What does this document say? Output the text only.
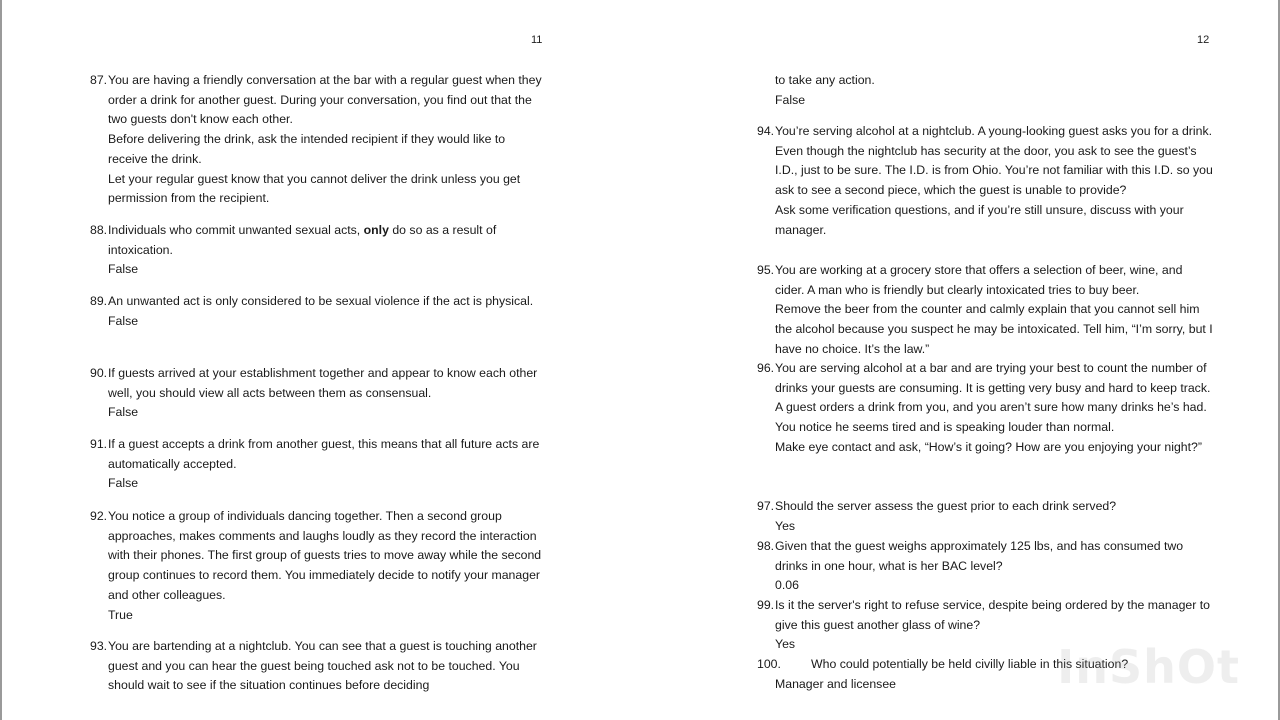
11

87.You are having a friendly conversation at the bar with a regular guest when they order a drink for another guest. During your conversation, you find out that the two guests don't know each other.

Before delivering the drink, ask the intended recipient if they would like to receive the drink.

Let your regular guest know that you cannot deliver the drink unless you get permission from the recipient.

88.Individuals who commit unwanted sexual acts, only do so as a result of intoxication.

False

89.An unwanted act is only considered to be sexual violence if the act is physical.

False

90.If guests arrived at your establishment together and appear to know each other well, you should view all acts between them as consensual.

False

91.If a guest accepts a drink from another guest, this means that all future acts are automatically accepted.

False

92.You notice a group of individuals dancing together. Then a second group approaches, makes comments and laughs loudly as they record the interaction with their phones. The first group of guests tries to move away while the second group continues to record them. You immediately decide to notify your manager and other colleagues.

True

93.You are bartending at a nightclub. You can see that a guest is touching another guest and you can hear the guest being touched ask not to be touched. You should wait to see if the situation continues before deciding

12

to take any action.

False

94.You’re serving alcohol at a nightclub. A young-looking guest asks you for a drink. Even though the nightclub has security at the door, you ask to see the guest’s I.D., just to be sure. The I.D. is from Ohio. You’re not familiar with this I.D. so you ask to see a second piece, which the guest is unable to provide?

Ask some verification questions, and if you’re still unsure, discuss with your manager.

95.You are working at a grocery store that offers a selection of beer, wine, and cider. A man who is friendly but clearly intoxicated tries to buy beer.

Remove the beer from the counter and calmly explain that you cannot sell him the alcohol because you suspect he may be intoxicated. Tell him, “I’m sorry, but I have no choice. It’s the law.”

96.You are serving alcohol at a bar and are trying your best to count the number of drinks your guests are consuming. It is getting very busy and hard to keep track. A guest orders a drink from you, and you aren’t sure how many drinks he’s had. You notice he seems tired and is speaking louder than normal.

Make eye contact and ask, “How’s it going? How are you enjoying your night?”

97.Should the server assess the guest prior to each drink served?

Yes

98.Given that the guest weighs approximately 125 lbs, and has consumed two drinks in one hour, what is her BAC level?

0.06

99.Is it the server's right to refuse service, despite being ordered by the manager to give this guest another glass of wine?

Yes

100. Who could potentially be held civilly liable in this situation?

Manager and licensee	InShOt
